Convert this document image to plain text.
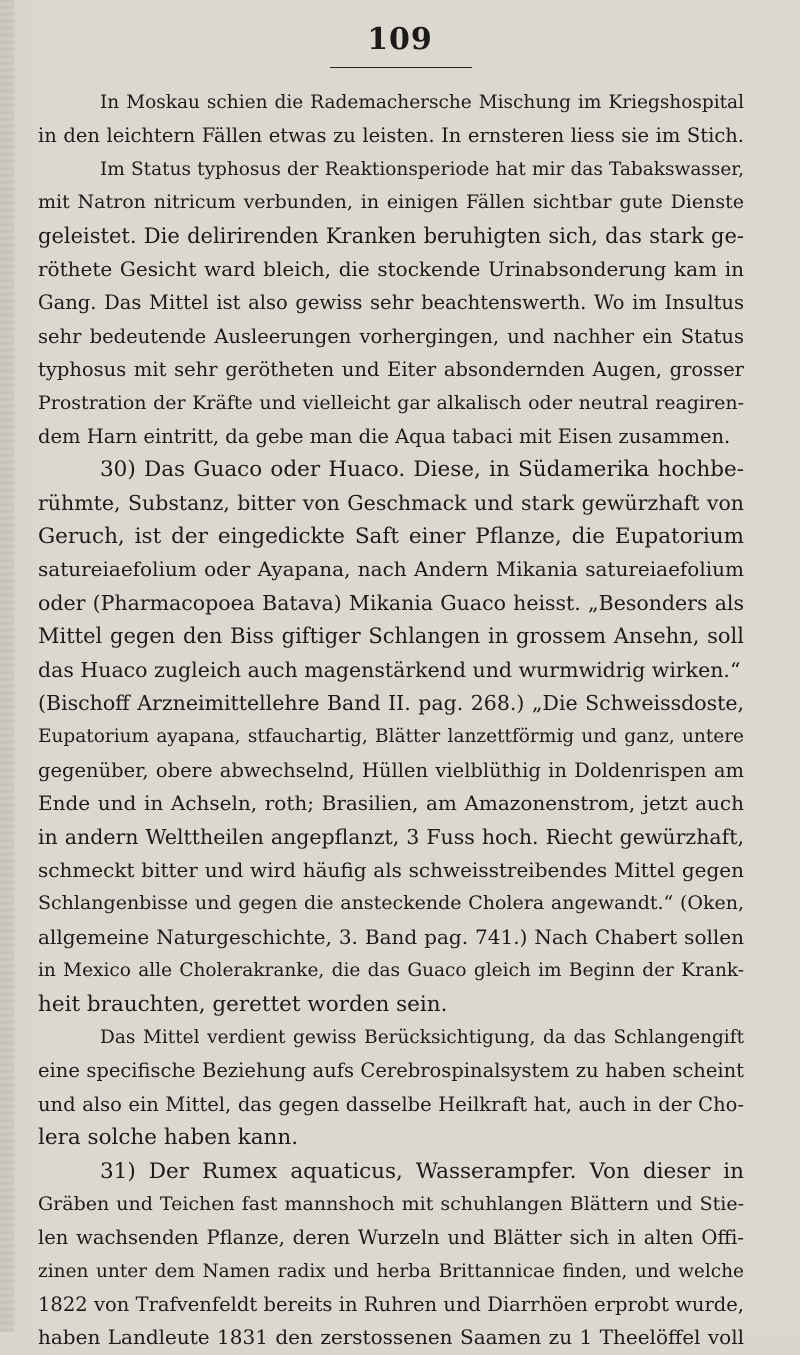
109
In Moskau schien die Rademachersche Mischung im Kriegshospital
in den leichtern Fällen etwas zu leisten. In ernsteren liess sie im Stich.
Im Status typhosus der Reaktionsperiode hat mir das Tabakswasser,
mit Natron nitricum verbunden, in einigen Fällen sichtbar gute Dienste
geleistet. Die delirirenden Kranken beruhigten sich, das stark ge-
röthete Gesicht ward bleich, die stockende Urinabsonderung kam in
Gang. Das Mittel ist also gewiss sehr beachtenswerth. Wo im Insultus
sehr bedeutende Ausleerungen vorhergingen, und nachher ein Status
typhosus mit sehr gerötheten und Eiter absondernden Augen, grosser
Prostration der Kräfte und vielleicht gar alkalisch oder neutral reagiren-
dem Harn eintritt, da gebe man die Aqua tabaci mit Eisen zusammen.
30) Das Guaco oder Huaco. Diese, in Südamerika hochbe-
rühmte, Substanz, bitter von Geschmack und stark gewürzhaft von
Geruch, ist der eingedickte Saft einer Pflanze, die Eupatorium
satureiaefolium oder Ayapana, nach Andern Mikania satureiaefolium
oder (Pharmacopoea Batava) Mikania Guaco heisst. „Besonders als
Mittel gegen den Biss giftiger Schlangen in grossem Ansehn, soll
das Huaco zugleich auch magenstärkend und wurmwidrig wirken.“
(Bischoff Arzneimittellehre Band II. pag. 268.) „Die Schweissdoste,
Eupatorium ayapana, stfauchartig, Blätter lanzettförmig und ganz, untere
gegenüber, obere abwechselnd, Hüllen vielblüthig in Doldenrispen am
Ende und in Achseln, roth; Brasilien, am Amazonenstrom, jetzt auch
in andern Welttheilen angepflanzt, 3 Fuss hoch. Riecht gewürzhaft,
schmeckt bitter und wird häufig als schweisstreibendes Mittel gegen
Schlangenbisse und gegen die ansteckende Cholera angewandt.“ (Oken,
allgemeine Naturgeschichte, 3. Band pag. 741.) Nach Chabert sollen
in Mexico alle Cholerakranke, die das Guaco gleich im Beginn der Krank-
heit brauchten, gerettet worden sein.
Das Mittel verdient gewiss Berücksichtigung, da das Schlangengift
eine specifische Beziehung aufs Cerebrospinalsystem zu haben scheint
und also ein Mittel, das gegen dasselbe Heilkraft hat, auch in der Cho-
lera solche haben kann.
31) Der Rumex aquaticus, Wasserampfer. Von dieser in
Gräben und Teichen fast mannshoch mit schuhlangen Blättern und Stie-
len wachsenden Pflanze, deren Wurzeln und Blätter sich in alten Offi-
zinen unter dem Namen radix und herba Brittannicae finden, und welche
1822 von Trafvenfeldt bereits in Ruhren und Diarrhöen erprobt wurde,
haben Landleute 1831 den zerstossenen Saamen zu 1 Theelöffel voll
